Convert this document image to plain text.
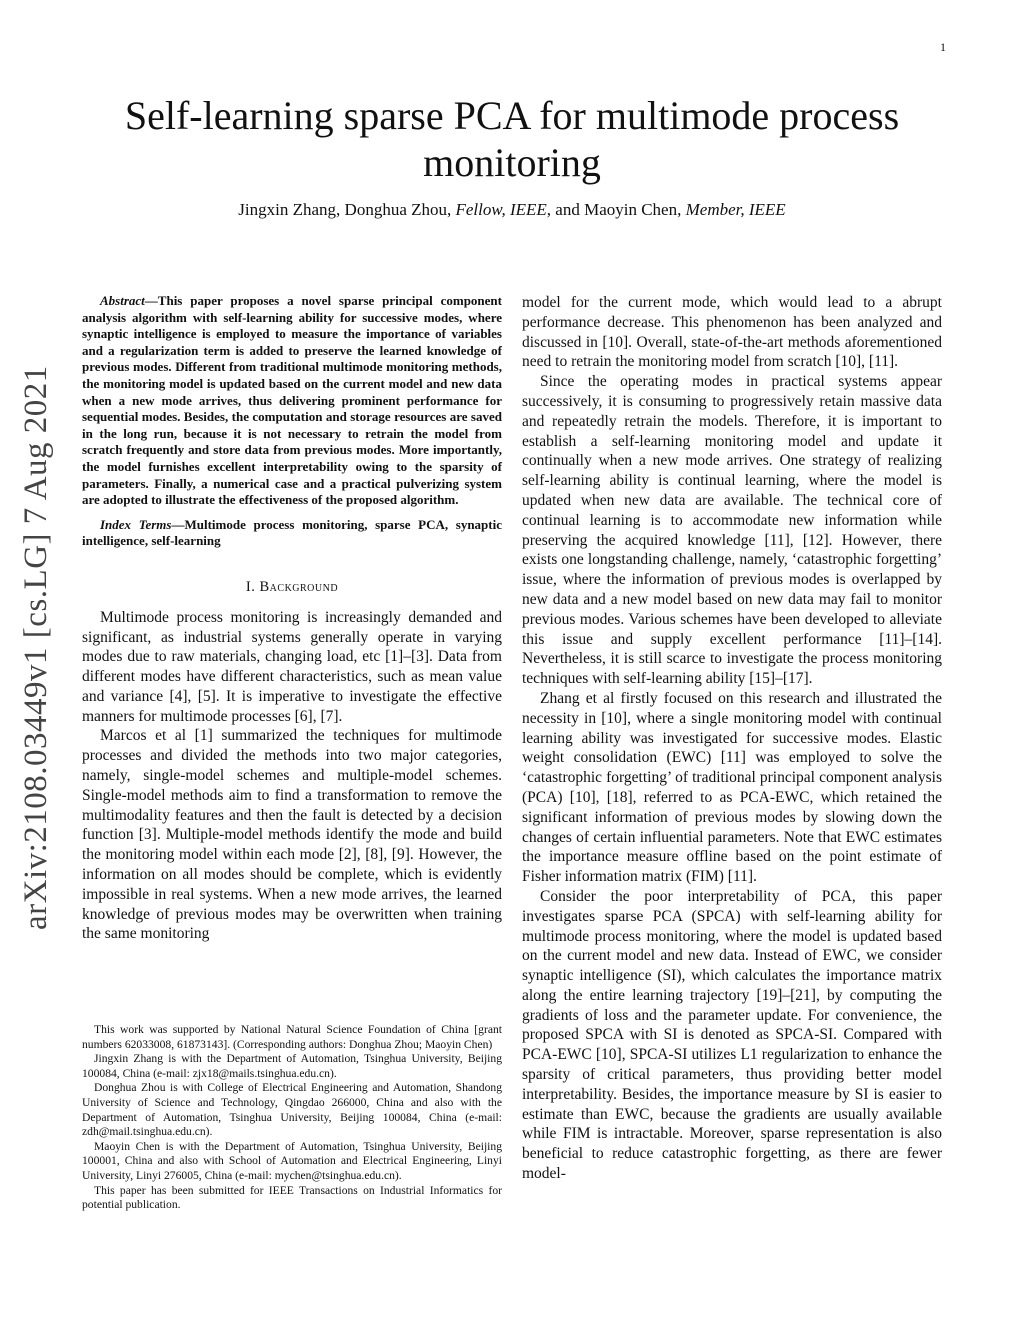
1
arXiv:2108.03449v1 [cs.LG] 7 Aug 2021
Self-learning sparse PCA for multimode process monitoring
Jingxin Zhang, Donghua Zhou, Fellow, IEEE, and Maoyin Chen, Member, IEEE

Abstract—This paper proposes a novel sparse principal component analysis algorithm with self-learning ability for successive modes, where synaptic intelligence is employed to measure the importance of variables and a regularization term is added to preserve the learned knowledge of previous modes. Different from traditional multimode monitoring methods, the monitoring model is updated based on the current model and new data when a new mode arrives, thus delivering prominent performance for sequential modes. Besides, the computation and storage resources are saved in the long run, because it is not necessary to retrain the model from scratch frequently and store data from previous modes. More importantly, the model furnishes excellent interpretability owing to the sparsity of parameters. Finally, a numerical case and a practical pulverizing system are adopted to illustrate the effectiveness of the proposed algorithm.

Index Terms—Multimode process monitoring, sparse PCA, synaptic intelligence, self-learning

I. Background

Multimode process monitoring is increasingly demanded and significant, as industrial systems generally operate in varying modes due to raw materials, changing load, etc [1]–[3]. Data from different modes have different characteristics, such as mean value and variance [4], [5]. It is imperative to investigate the effective manners for multimode processes [6], [7].

Marcos et al [1] summarized the techniques for multimode processes and divided the methods into two major categories, namely, single-model schemes and multiple-model schemes. Single-model methods aim to find a transformation to remove the multimodality features and then the fault is detected by a decision function [3]. Multiple-model methods identify the mode and build the monitoring model within each mode [2], [8], [9]. However, the information on all modes should be complete, which is evidently impossible in real systems. When a new mode arrives, the learned knowledge of previous modes may be overwritten when training the same monitoring

This work was supported by National Natural Science Foundation of China [grant numbers 62033008, 61873143]. (Corresponding authors: Donghua Zhou; Maoyin Chen)

Jingxin Zhang is with the Department of Automation, Tsinghua University, Beijing 100084, China (e-mail: zjx18@mails.tsinghua.edu.cn).

Donghua Zhou is with College of Electrical Engineering and Automation, Shandong University of Science and Technology, Qingdao 266000, China and also with the Department of Automation, Tsinghua University, Beijing 100084, China (e-mail: zdh@mail.tsinghua.edu.cn).

Maoyin Chen is with the Department of Automation, Tsinghua University, Beijing 100001, China and also with School of Automation and Electrical Engineering, Linyi University, Linyi 276005, China (e-mail: mychen@tsinghua.edu.cn).

This paper has been submitted for IEEE Transactions on Industrial Informatics for potential publication.

model for the current mode, which would lead to a abrupt performance decrease. This phenomenon has been analyzed and discussed in [10]. Overall, state-of-the-art methods aforementioned need to retrain the monitoring model from scratch [10], [11].

Since the operating modes in practical systems appear successively, it is consuming to progressively retain massive data and repeatedly retrain the models. Therefore, it is important to establish a self-learning monitoring model and update it continually when a new mode arrives. One strategy of realizing self-learning ability is continual learning, where the model is updated when new data are available. The technical core of continual learning is to accommodate new information while preserving the acquired knowledge [11], [12]. However, there exists one longstanding challenge, namely, ‘catastrophic forgetting’ issue, where the information of previous modes is overlapped by new data and a new model based on new data may fail to monitor previous modes. Various schemes have been developed to alleviate this issue and supply excellent performance [11]–[14]. Nevertheless, it is still scarce to investigate the process monitoring techniques with self-learning ability [15]–[17].

Zhang et al firstly focused on this research and illustrated the necessity in [10], where a single monitoring model with continual learning ability was investigated for successive modes. Elastic weight consolidation (EWC) [11] was employed to solve the ‘catastrophic forgetting’ of traditional principal component analysis (PCA) [10], [18], referred to as PCA-EWC, which retained the significant information of previous modes by slowing down the changes of certain influential parameters. Note that EWC estimates the importance measure offline based on the point estimate of Fisher information matrix (FIM) [11].

Consider the poor interpretability of PCA, this paper investigates sparse PCA (SPCA) with self-learning ability for multimode process monitoring, where the model is updated based on the current model and new data. Instead of EWC, we consider synaptic intelligence (SI), which calculates the importance matrix along the entire learning trajectory [19]–[21], by computing the gradients of loss and the parameter update. For convenience, the proposed SPCA with SI is denoted as SPCA-SI. Compared with PCA-EWC [10], SPCA-SI utilizes L1 regularization to enhance the sparsity of critical parameters, thus providing better model interpretability. Besides, the importance measure by SI is easier to estimate than EWC, because the gradients are usually available while FIM is intractable. Moreover, sparse representation is also beneficial to reduce catastrophic forgetting, as there are fewer model-
